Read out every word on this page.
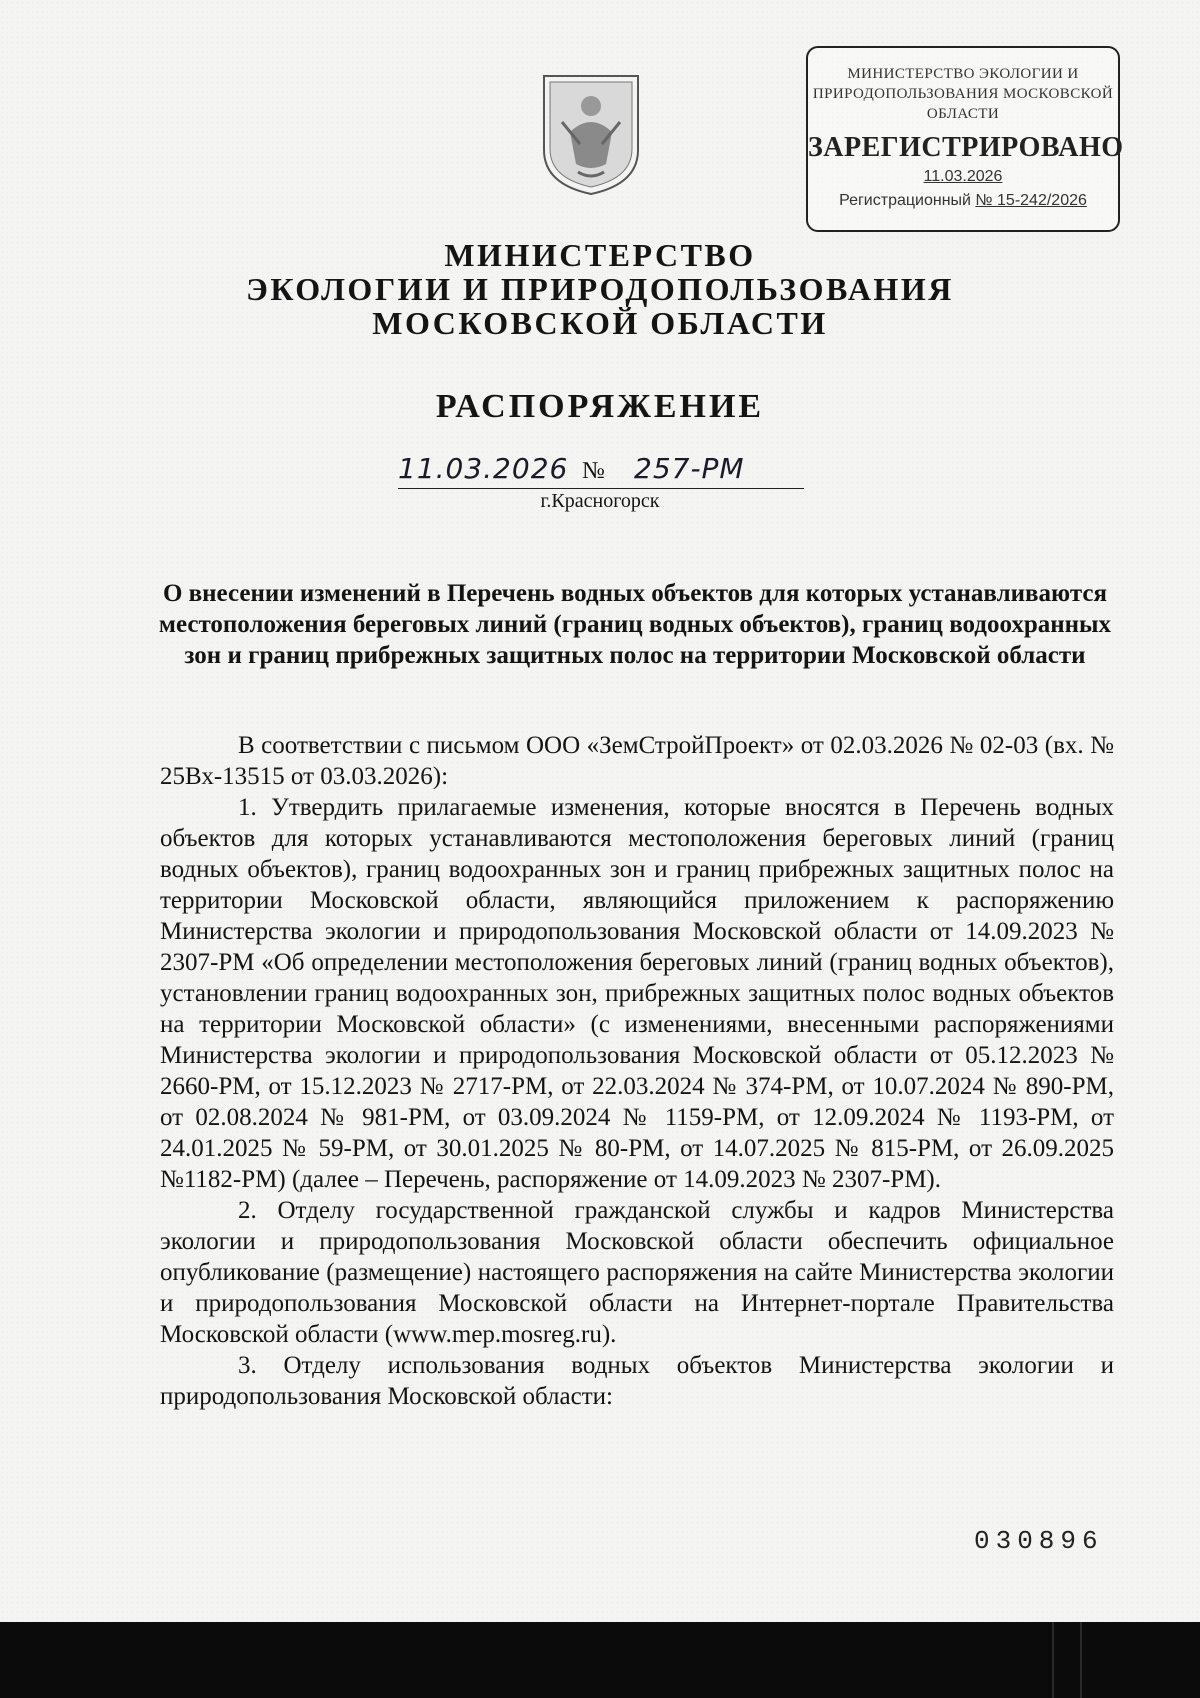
МИНИСТЕРСТВО ЭКОЛОГИИ И ПРИРОДОПОЛЬЗОВАНИЯ МОСКОВСКОЙ ОБЛАСТИ
ЗАРЕГИСТРИРОВАНО
11.03.2026
Регистрационный № 15-242/2026
МИНИСТЕРСТВО
ЭКОЛОГИИ И ПРИРОДОПОЛЬЗОВАНИЯ
МОСКОВСКОЙ ОБЛАСТИ
РАСПОРЯЖЕНИЕ
11.03.2026 № 257-РМ
г.Красногорск
О внесении изменений в Перечень водных объектов для которых устанавливаются местоположения береговых линий (границ водных объектов), границ водоохранных зон и границ прибрежных защитных полос на территории Московской области

В соответствии с письмом ООО «ЗемСтройПроект» от 02.03.2026 № 02-03 (вх. № 25Вх-13515 от 03.03.2026):

1. Утвердить прилагаемые изменения, которые вносятся в Перечень водных объектов для которых устанавливаются местоположения береговых линий (границ водных объектов), границ водоохранных зон и границ прибрежных защитных полос на территории Московской области, являющийся приложением к распоряжению Министерства экологии и природопользования Московской области от 14.09.2023 № 2307-РМ «Об определении местоположения береговых линий (границ водных объектов), установлении границ водоохранных зон, прибрежных защитных полос водных объектов на территории Московской области» (с изменениями, внесенными распоряжениями Министерства экологии и природопользования Московской области от 05.12.2023 № 2660-РМ, от 15.12.2023 № 2717-РМ, от 22.03.2024 № 374-РМ, от 10.07.2024 № 890-РМ, от 02.08.2024 № 981-РМ, от 03.09.2024 № 1159-РМ, от 12.09.2024 № 1193-РМ, от 24.01.2025 № 59-РМ, от 30.01.2025 № 80-РМ, от 14.07.2025 № 815-РМ, от 26.09.2025 №1182-РМ) (далее – Перечень, распоряжение от 14.09.2023 № 2307-РМ).

2. Отделу государственной гражданской службы и кадров Министерства экологии и природопользования Московской области обеспечить официальное опубликование (размещение) настоящего распоряжения на сайте Министерства экологии и природопользования Московской области на Интернет-портале Правительства Московской области (www.mep.mosreg.ru).

3. Отделу использования водных объектов Министерства экологии и природопользования Московской области:

030896
